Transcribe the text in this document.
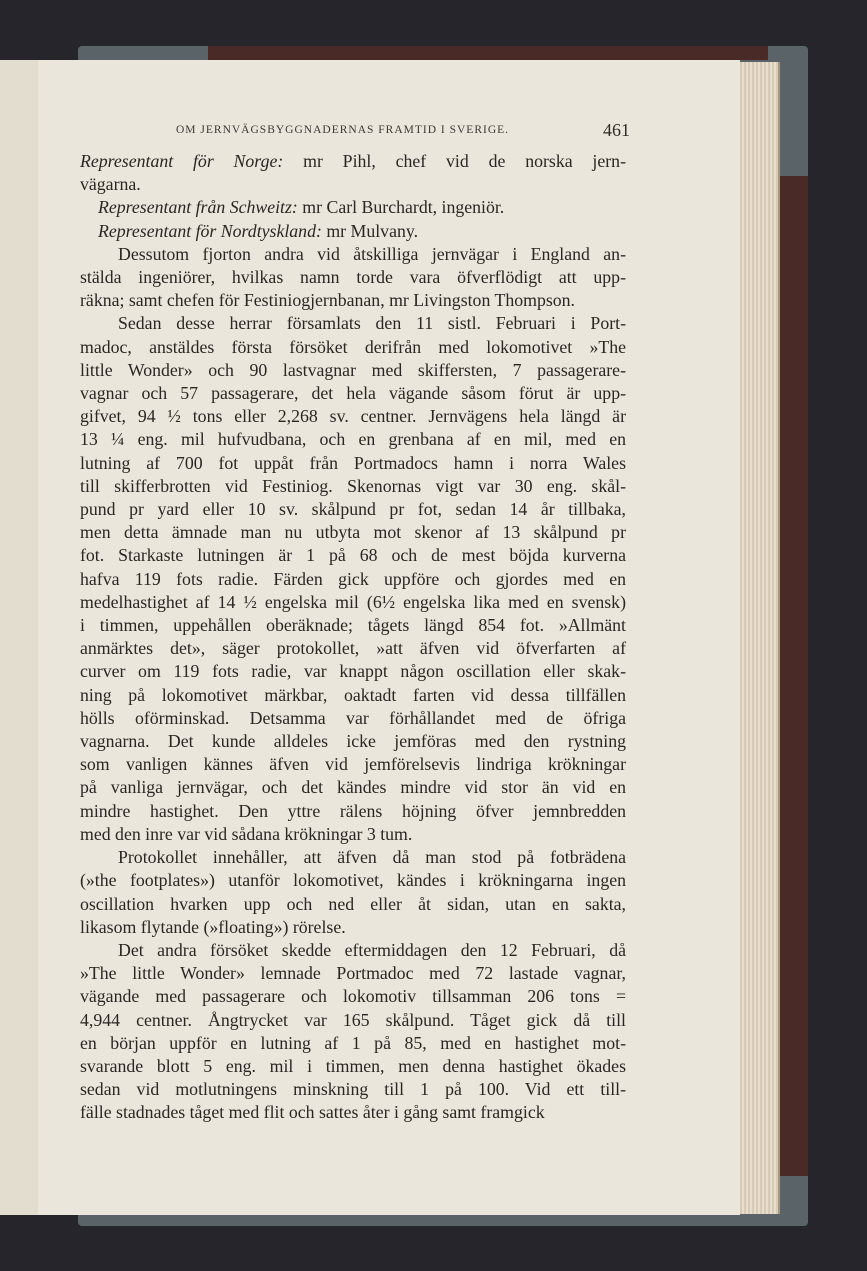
OM JERNVÄGSBYGGNADERNAS FRAMTID I SVERIGE.	461
Representant för Norge: mr Pihl, chef vid de norska jern-
vägarna.
Representant från Schweitz: mr Carl Burchardt, ingeniör.
Representant för Nordtyskland: mr Mulvany.
Dessutom fjorton andra vid åtskilliga jernvägar i England an-
stälda ingeniörer, hvilkas namn torde vara öfverflödigt att upp-
räkna; samt chefen för Festiniogjernbanan, mr Livingston Thompson.
Sedan desse herrar församlats den 11 sistl. Februari i Port-
madoc, anstäldes första försöket derifrån med lokomotivet »The
little Wonder» och 90 lastvagnar med skiffersten, 7 passagerare-
vagnar och 57 passagerare, det hela vägande såsom förut är upp-
gifvet, 94 ½ tons eller 2,268 sv. centner. Jernvägens hela längd är
13 ¼ eng. mil hufvudbana, och en grenbana af en mil, med en
lutning af 700 fot uppåt från Portmadocs hamn i norra Wales
till skifferbrotten vid Festiniog. Skenornas vigt var 30 eng. skål-
pund pr yard eller 10 sv. skålpund pr fot, sedan 14 år tillbaka,
men detta ämnade man nu utbyta mot skenor af 13 skålpund pr
fot. Starkaste lutningen är 1 på 68 och de mest böjda kurverna
hafva 119 fots radie. Färden gick uppföre och gjordes med en
medelhastighet af 14 ½ engelska mil (6½ engelska lika med en svensk)
i timmen, uppehållen oberäknade; tågets längd 854 fot. »Allmänt
anmärktes det», säger protokollet, »att äfven vid öfverfarten af
curver om 119 fots radie, var knappt någon oscillation eller skak-
ning på lokomotivet märkbar, oaktadt farten vid dessa tillfällen
hölls oförminskad. Detsamma var förhållandet med de öfriga
vagnarna. Det kunde alldeles icke jemföras med den rystning
som vanligen kännes äfven vid jemförelsevis lindriga krökningar
på vanliga jernvägar, och det kändes mindre vid stor än vid en
mindre hastighet. Den yttre rälens höjning öfver jemnbredden
med den inre var vid sådana krökningar 3 tum.
Protokollet innehåller, att äfven då man stod på fotbrädena
(»the footplates») utanför lokomotivet, kändes i krökningarna ingen
oscillation hvarken upp och ned eller åt sidan, utan en sakta,
likasom flytande (»floating») rörelse.
Det andra försöket skedde eftermiddagen den 12 Februari, då
»The little Wonder» lemnade Portmadoc med 72 lastade vagnar,
vägande med passagerare och lokomotiv tillsamman 206 tons =
4,944 centner. Ångtrycket var 165 skålpund. Tåget gick då till
en början uppför en lutning af 1 på 85, med en hastighet mot-
svarande blott 5 eng. mil i timmen, men denna hastighet ökades
sedan vid motlutningens minskning till 1 på 100. Vid ett till-
fälle stadnades tåget med flit och sattes åter i gång samt framgick
